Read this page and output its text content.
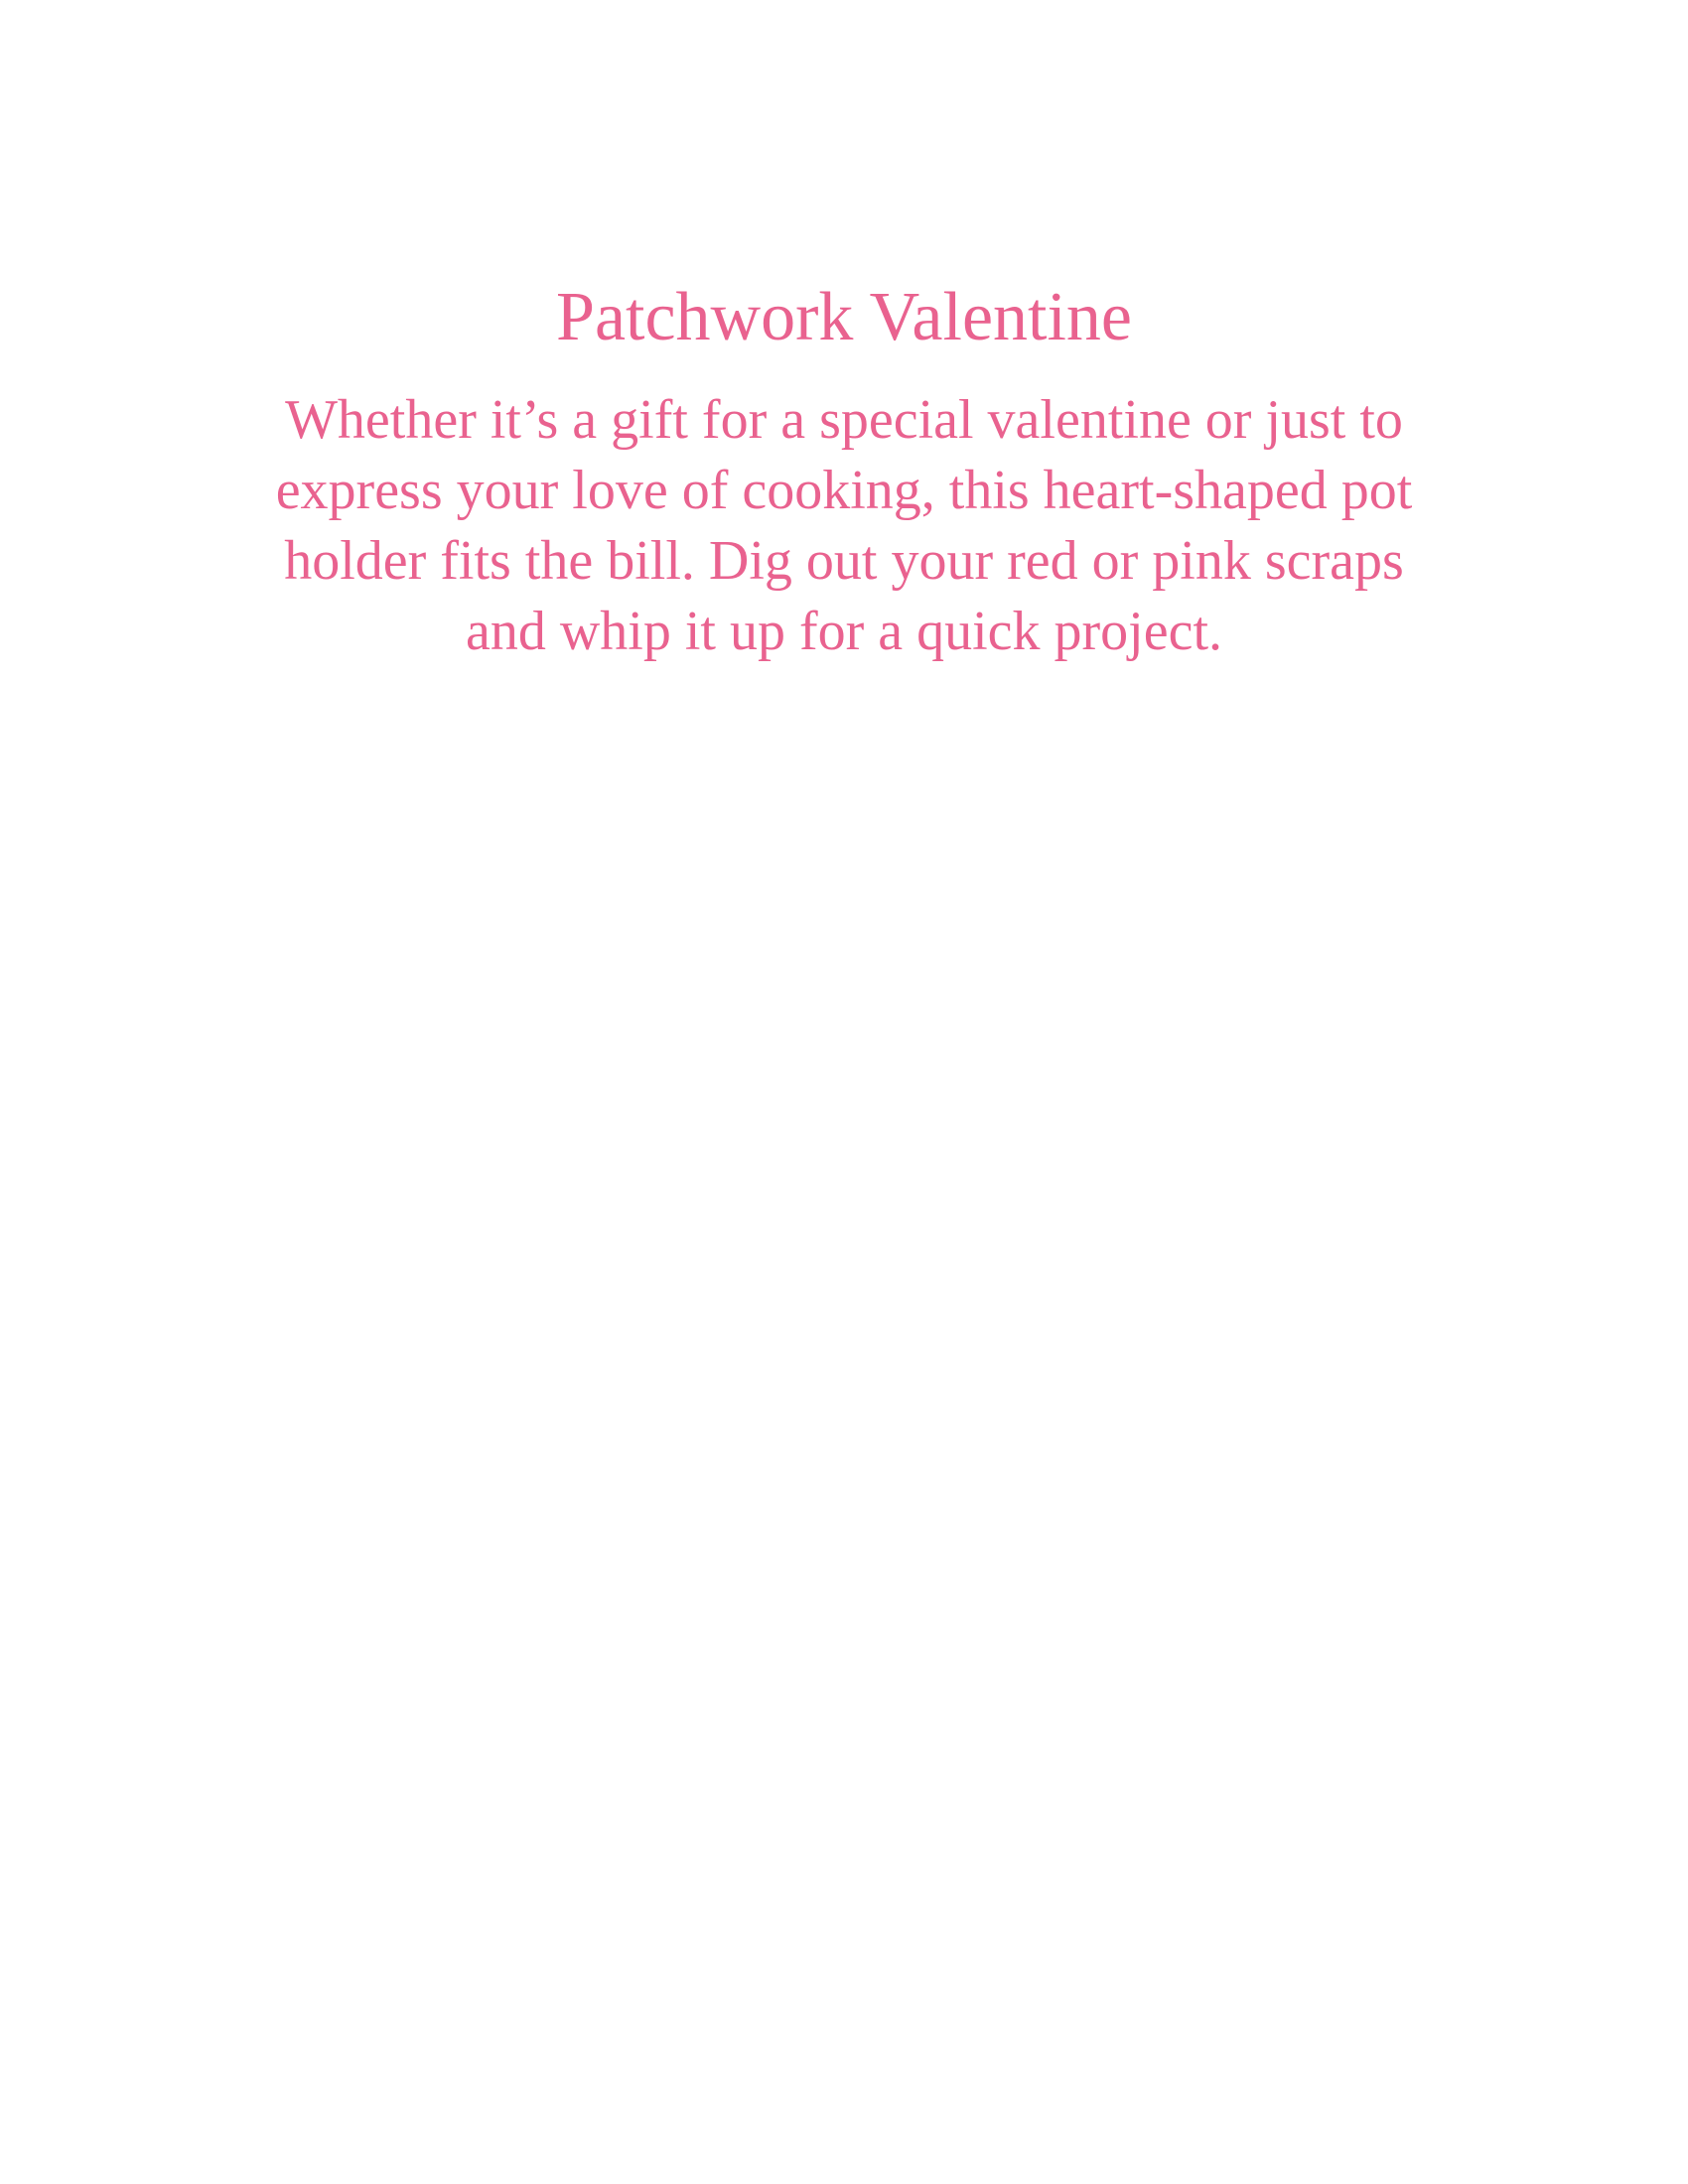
Patchwork Valentine

Whether it’s a gift for a special valentine or just to
express your love of cooking, this heart-shaped pot
holder fits the bill. Dig out your red or pink scraps
and whip it up for a quick project.
